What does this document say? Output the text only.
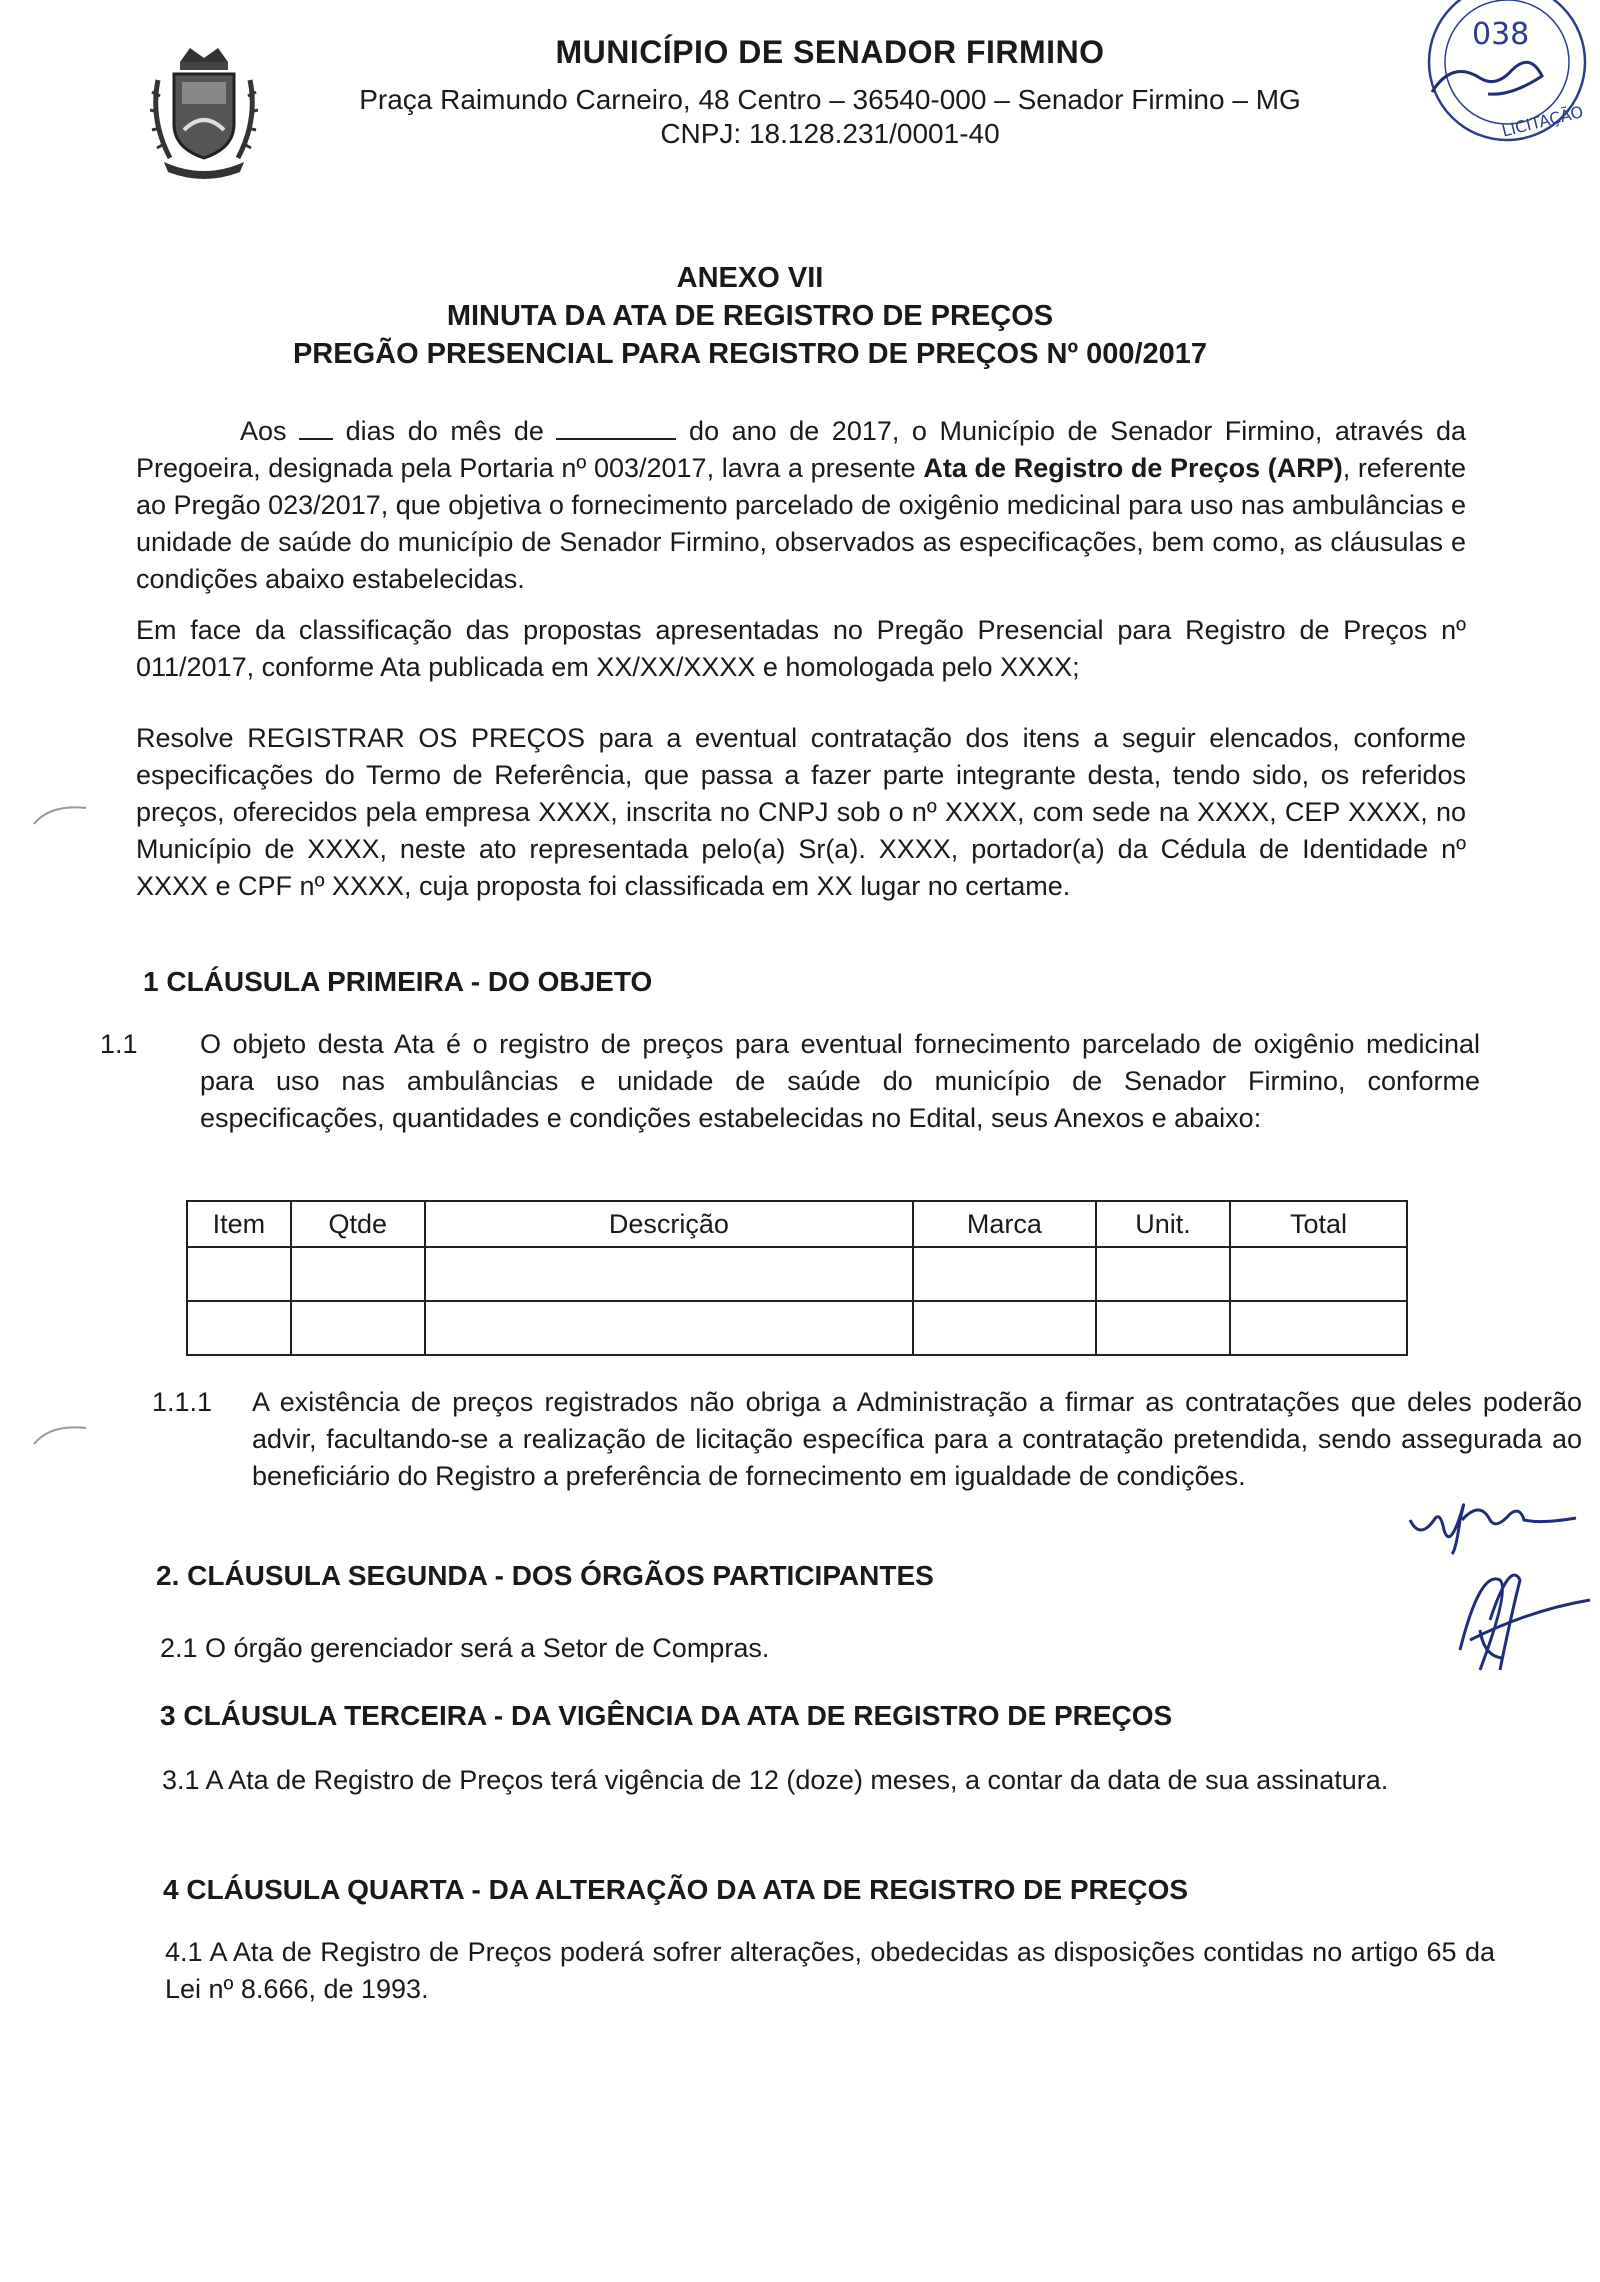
MUNICÍPIO DE SENADOR FIRMINO
Praça Raimundo Carneiro, 48 Centro – 36540-000 – Senador Firmino – MG
CNPJ: 18.128.231/0001-40
038
LICITAÇÃO
ANEXO VII
MINUTA DA ATA DE REGISTRO DE PREÇOS
PREGÃO PRESENCIAL PARA REGISTRO DE PREÇOS Nº 000/2017

Aos dias do mês de	do ano de 2017, o Município de Senador Firmino, através da Pregoeira, designada pela Portaria nº 003/2017, lavra a presente Ata de Registro de Preços (ARP), referente ao Pregão 023/2017, que objetiva o fornecimento parcelado de oxigênio medicinal para uso nas ambulâncias e unidade de saúde do município de Senador Firmino, observados as especificações, bem como, as cláusulas e condições abaixo estabelecidas.

Em face da classificação das propostas apresentadas no Pregão Presencial para Registro de Preços nº 011/2017, conforme Ata publicada em XX/XX/XXXX e homologada pelo XXXX;

Resolve REGISTRAR OS PREÇOS para a eventual contratação dos itens a seguir elencados, conforme especificações do Termo de Referência, que passa a fazer parte integrante desta, tendo sido, os referidos preços, oferecidos pela empresa XXXX, inscrita no CNPJ sob o nº XXXX, com sede na XXXX, CEP XXXX, no Município de XXXX, neste ato representada pelo(a) Sr(a). XXXX, portador(a) da Cédula de Identidade nº XXXX e CPF nº XXXX, cuja proposta foi classificada em XX lugar no certame.

1 CLÁUSULA PRIMEIRA - DO OBJETO

1.1 O objeto desta Ata é o registro de preços para eventual fornecimento parcelado de oxigênio medicinal para uso nas ambulâncias e unidade de saúde do município de Senador Firmino, conforme especificações, quantidades e condições estabelecidas no Edital, seus Anexos e abaixo:

Item	Qtde	Descrição	Marca	Unit.	Total

1.1.1 A existência de preços registrados não obriga a Administração a firmar as contratações que deles poderão advir, facultando-se a realização de licitação específica para a contratação pretendida, sendo assegurada ao beneficiário do Registro a preferência de fornecimento em igualdade de condições.

2. CLÁUSULA SEGUNDA - DOS ÓRGÃOS PARTICIPANTES

2.1 O órgão gerenciador será a Setor de Compras.

3 CLÁUSULA TERCEIRA - DA VIGÊNCIA DA ATA DE REGISTRO DE PREÇOS

3.1 A Ata de Registro de Preços terá vigência de 12 (doze) meses, a contar da data de sua assinatura.

4 CLÁUSULA QUARTA - DA ALTERAÇÃO DA ATA DE REGISTRO DE PREÇOS

4.1 A Ata de Registro de Preços poderá sofrer alterações, obedecidas as disposições contidas no artigo 65 da Lei nº 8.666, de 1993.
